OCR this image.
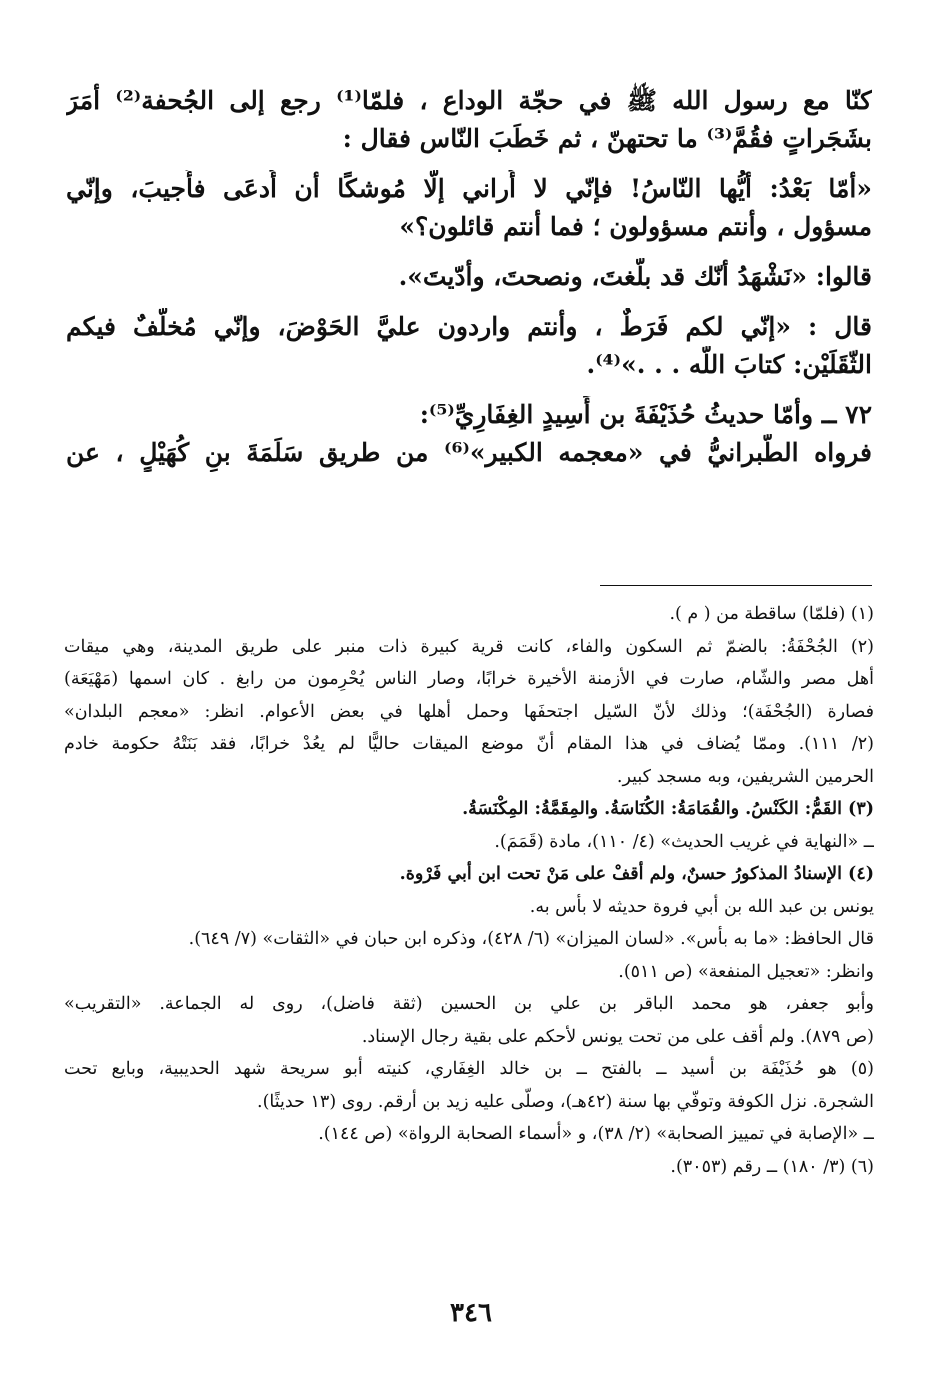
كنّا مع رسول الله ﷺ في حجّة الوداع ، فلمّا⁽¹⁾ رجع إلى الجُحفة⁽²⁾ أمَرَ
بشَجَراتٍ فقُمَّ⁽³⁾ ما تحتهنّ ، ثم خَطَبَ النّاس فقال :
«أمّا بَعْدُ: أيُّها النّاسُ! فإنّي لا أُراني إلّا مُوشكًا أن أُدعَى فأُجيبَ، وإنّي
مسؤول ، وأنتم مسؤولون ؛ فما أنتم قائلون؟»
قالوا: «نَشْهَدُ أنّك قد بلّغتَ، ونصحتَ، وأدّيتَ».
قال : «إنّي لكم فَرَطٌ ، وأنتم واردون عليَّ الحَوْضَ، وإنّي مُخلّفٌ فيكم
الثّقَلَيْن: كتابَ اللّه . . .»⁽⁴⁾.
٧٢ ــ وأمّا حديثُ حُذَيْفَةَ بن أَسِيدٍ الغِفَارِيِّ⁽⁵⁾:
فرواه الطّبرانيُّ في «معجمه الكبير»⁽⁶⁾ من طريق سَلَمَةَ بنِ كُهَيْلٍ ، عن
(١) (فلمّا) ساقطة من ( م ).
(٢) الجُحْفَةُ: بالضمّ ثم السكون والفاء، كانت قرية كبيرة ذات منبر على طريق المدينة، وهي ميقات
أهل مصر والشّام، صارت في الأزمنة الأخيرة خرابًا، وصار الناس يُحْرِمون من رابغ . كان اسمها (مَهْيَعَة)
فصارة (الجُحْفَة)؛ وذلك لأنّ السّيل اجتحفَها وحمل أهلها في بعض الأعوام. انظر: «معجم البلدان»
(٢/ ١١١). وممّا يُضاف في هذا المقام أنّ موضع الميقات حاليًّا لم يعُدْ خرابًا، فقد بَنَتْهُ حكومة خادم
الحرمين الشريفين، وبه مسجد كبير.
(٣) القَمُّ: الكَنْسُ. والقُمَامَةُ: الكُنَاسَةُ. والمِقَمَّةُ: المِكْنَسَةُ.
ــ «النهاية في غريب الحديث» (٤/ ١١٠)، مادة (قَمَمَ).
(٤) الإسنادُ المذكورُ حسنٌ، ولم أقفْ على مَنْ تحت ابن أبي فَرْوة.
يونس بن عبد الله بن أبي فروة حديثه لا بأس به.
قال الحافظ: «ما به بأس». «لسان الميزان» (٦/ ٤٢٨)، وذكره ابن حبان في «الثقات» (٧/ ٦٤٩).
وانظر: «تعجيل المنفعة» (ص ٥١١).
وأبو جعفر، هو محمد الباقر بن علي بن الحسين (ثقة فاضل)، روى له الجماعة. «التقريب»
(ص ٨٧٩). ولم أقف على من تحت يونس لأحكم على بقية رجال الإسناد.
(٥) هو حُذَيْفَة بن أسيد ــ بالفتح ــ بن خالد الغِفَاري، كنيته أبو سريحة شهد الحديبية، وبايع تحت
الشجرة. نزل الكوفة وتوفّي بها سنة (٤٢هـ)، وصلّى عليه زيد بن أرقم. روى (١٣ حديثًا).
ــ «الإصابة في تمييز الصحابة» (٢/ ٣٨)، و «أسماء الصحابة الرواة» (ص ١٤٤).
(٦) (٣/ ١٨٠) ــ رقم (٣٠٥٣).
٣٤٦
